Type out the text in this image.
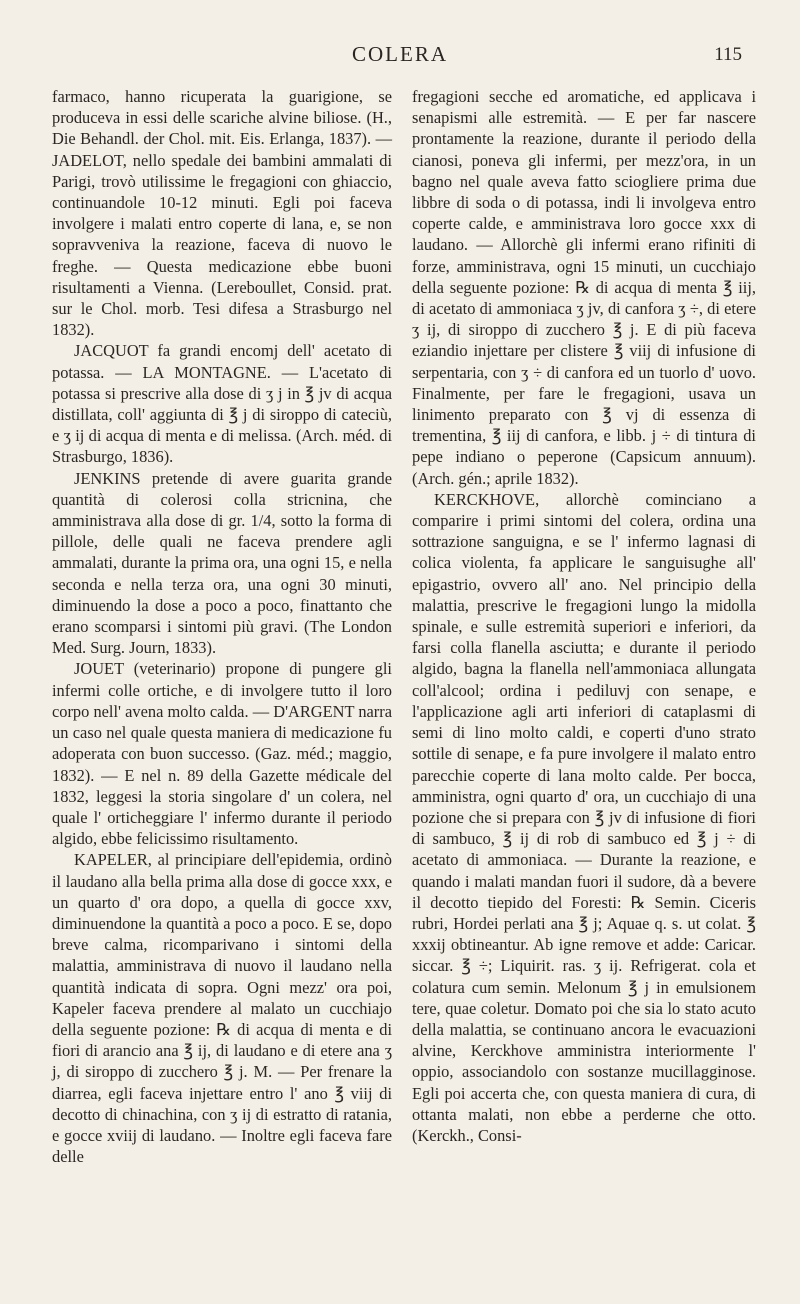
COLERA	115

farmaco, hanno ricuperata la guarigione, se produceva in essi delle scariche alvine biliose. (H., Die Behandl. der Chol. mit. Eis. Erlanga, 1837). — JADELOT, nello spedale dei bambini ammalati di Parigi, trovò utilissime le fregagioni con ghiaccio, continuandole 10-12 minuti. Egli poi faceva involgere i malati entro coperte di lana, e, se non sopravveniva la reazione, faceva di nuovo le freghe. — Questa medicazione ebbe buoni risultamenti a Vienna. (Lereboullet, Consid. prat. sur le Chol. morb. Tesi difesa a Strasburgo nel 1832).

JACQUOT fa grandi encomj dell' acetato di potassa. — LA MONTAGNE. — L'acetato di potassa si prescrive alla dose di ʒ j in ℥ jv di acqua distillata, coll' aggiunta di ℥ j di siroppo di cateciù, e ʒ ij di acqua di menta e di melissa. (Arch. méd. di Strasburgo, 1836).

JENKINS pretende di avere guarita grande quantità di colerosi colla stricnina, che amministrava alla dose di gr. 1/4, sotto la forma di pillole, delle quali ne faceva prendere agli ammalati, durante la prima ora, una ogni 15, e nella seconda e nella terza ora, una ogni 30 minuti, diminuendo la dose a poco a poco, finattanto che erano scomparsi i sintomi più gravi. (The London Med. Surg. Journ, 1833).

JOUET (veterinario) propone di pungere gli infermi colle ortiche, e di involgere tutto il loro corpo nell' avena molto calda. — D'ARGENT narra un caso nel quale questa maniera di medicazione fu adoperata con buon successo. (Gaz. méd.; maggio, 1832). — E nel n. 89 della Gazette médicale del 1832, leggesi la storia singolare d' un colera, nel quale l' orticheggiare l' infermo durante il periodo algido, ebbe felicissimo risultamento.

KAPELER, al principiare dell'epidemia, ordinò il laudano alla bella prima alla dose di gocce xxx, e un quarto d' ora dopo, a quella di gocce xxv, diminuendone la quantità a poco a poco. E se, dopo breve calma, ricomparivano i sintomi della malattia, amministrava di nuovo il laudano nella quantità indicata di sopra. Ogni mezz' ora poi, Kapeler faceva prendere al malato un cucchiajo della seguente pozione: ℞ di acqua di menta e di fiori di arancio ana ℥ ij, di laudano e di etere ana ʒ j, di siroppo di zucchero ℥ j. M. — Per frenare la diarrea, egli faceva injettare entro l' ano ℥ viij di decotto di chinachina, con ʒ ij di estratto di ratania, e gocce xviij di laudano. — Inoltre egli faceva fare delle

fregagioni secche ed aromatiche, ed applicava i senapismi alle estremità. — E per far nascere prontamente la reazione, durante il periodo della cianosi, poneva gli infermi, per mezz'ora, in un bagno nel quale aveva fatto sciogliere prima due libbre di soda o di potassa, indi li involgeva entro coperte calde, e amministrava loro gocce xxx di laudano. — Allorchè gli infermi erano rifiniti di forze, amministrava, ogni 15 minuti, un cucchiajo della seguente pozione: ℞ di acqua di menta ℥ iij, di acetato di ammoniaca ʒ jv, di canfora ʒ ÷, di etere ʒ ij, di siroppo di zucchero ℥ j. E di più faceva eziandio injettare per clistere ℥ viij di infusione di serpentaria, con ʒ ÷ di canfora ed un tuorlo d' uovo. Finalmente, per fare le fregagioni, usava un linimento preparato con ℥ vj di essenza di trementina, ℥ iij di canfora, e libb. j ÷ di tintura di pepe indiano o peperone (Capsicum annuum). (Arch. gén.; aprile 1832).

KERCKHOVE, allorchè cominciano a comparire i primi sintomi del colera, ordina una sottrazione sanguigna, e se l' infermo lagnasi di colica violenta, fa applicare le sanguisughe all' epigastrio, ovvero all' ano. Nel principio della malattia, prescrive le fregagioni lungo la midolla spinale, e sulle estremità superiori e inferiori, da farsi colla flanella asciutta; e durante il periodo algido, bagna la flanella nell'ammoniaca allungata coll'alcool; ordina i pediluvj con senape, e l'applicazione agli arti inferiori di cataplasmi di semi di lino molto caldi, e coperti d'uno strato sottile di senape, e fa pure involgere il malato entro parecchie coperte di lana molto calde. Per bocca, amministra, ogni quarto d' ora, un cucchiajo di una pozione che si prepara con ℥ jv di infusione di fiori di sambuco, ℥ ij di rob di sambuco ed ℥ j ÷ di acetato di ammoniaca. — Durante la reazione, e quando i malati mandan fuori il sudore, dà a bevere il decotto tiepido del Foresti: ℞ Semin. Ciceris rubri, Hordei perlati ana ℥ j; Aquae q. s. ut colat. ℥ xxxij obtineantur. Ab igne remove et adde: Caricar. siccar. ℥ ÷; Liquirit. ras. ʒ ij. Refrigerat. cola et colatura cum semin. Melonum ℥ j in emulsionem tere, quae coletur. Domato poi che sia lo stato acuto della malattia, se continuano ancora le evacuazioni alvine, Kerckhove amministra interiormente l' oppio, associandolo con sostanze mucillagginose. Egli poi accerta che, con questa maniera di cura, di ottanta malati, non ebbe a perderne che otto. (Kerckh., Consi-
